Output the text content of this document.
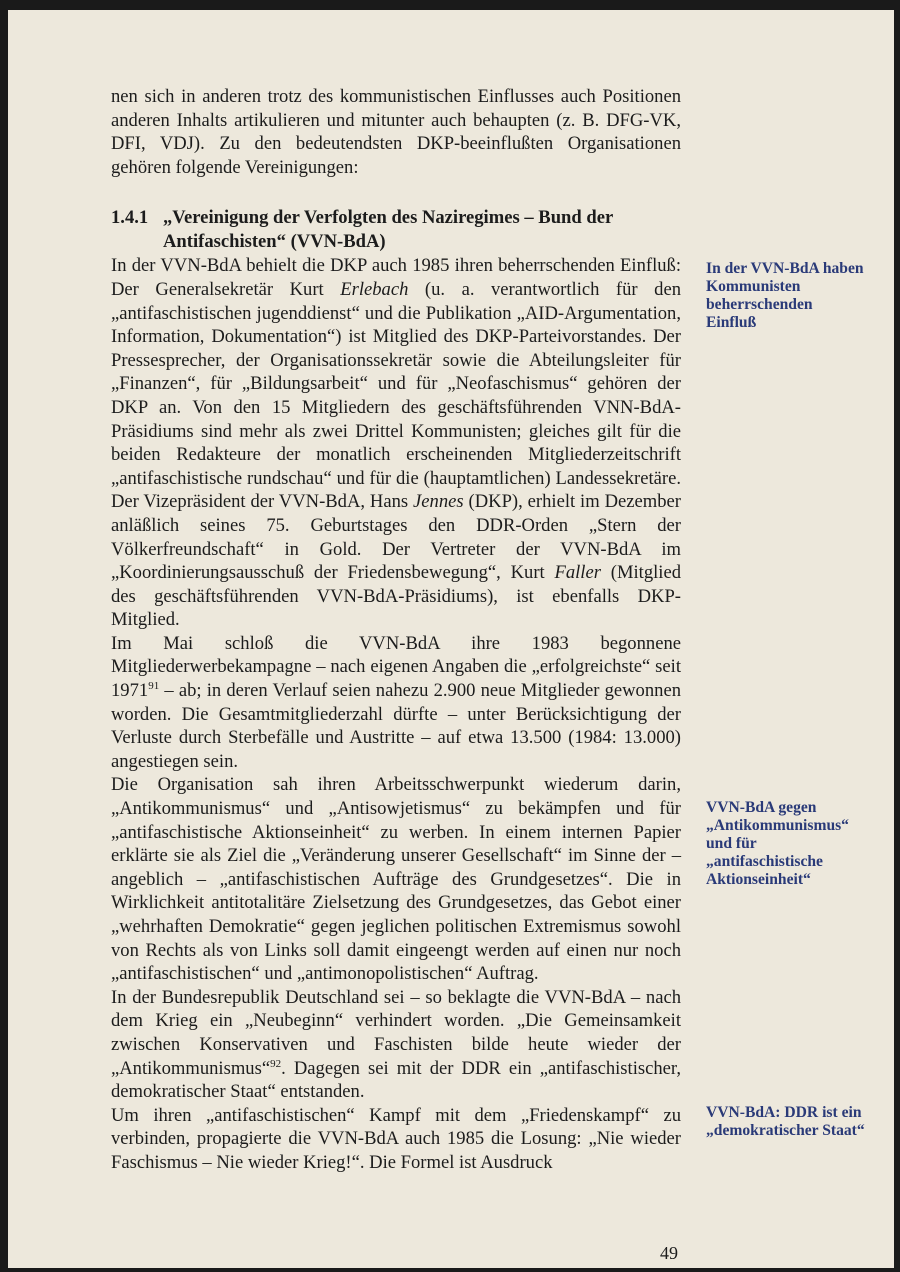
nen sich in anderen trotz des kommunistischen Einflusses auch Positionen anderen Inhalts artikulieren und mitunter auch behaupten (z. B. DFG-VK, DFI, VDJ). Zu den bedeutendsten DKP-beeinflußten Organisationen gehören folgende Vereinigungen:

1.4.1 „Vereinigung der Verfolgten des Naziregimes – Bund der Antifaschisten“ (VVN-BdA)

In der VVN-BdA behielt die DKP auch 1985 ihren beherrschenden Einfluß: Der Generalsekretär Kurt Erlebach (u. a. verantwortlich für den „antifaschistischen jugenddienst“ und die Publikation „AID-Argumentation, Information, Dokumentation“) ist Mitglied des DKP-Parteivorstandes. Der Pressesprecher, der Organisationssekretär sowie die Abteilungsleiter für „Finanzen“, für „Bildungsarbeit“ und für „Neofaschismus“ gehören der DKP an. Von den 15 Mitgliedern des geschäftsführenden VNN-BdA-Präsidiums sind mehr als zwei Drittel Kommunisten; gleiches gilt für die beiden Redakteure der monatlich erscheinenden Mitgliederzeitschrift „antifaschistische rundschau“ und für die (hauptamtlichen) Landessekretäre. Der Vizepräsident der VVN-BdA, Hans Jennes (DKP), erhielt im Dezember anläßlich seines 75. Geburtstages den DDR-Orden „Stern der Völkerfreundschaft“ in Gold. Der Vertreter der VVN-BdA im „Koordinierungsausschuß der Friedensbewegung“, Kurt Faller (Mitglied des geschäftsführenden VVN-BdA-Präsidiums), ist ebenfalls DKP-Mitglied.

Im Mai schloß die VVN-BdA ihre 1983 begonnene Mitgliederwerbekampagne – nach eigenen Angaben die „erfolgreichste“ seit 1971$^{91}$ – ab; in deren Verlauf seien nahezu 2.900 neue Mitglieder gewonnen worden. Die Gesamtmitgliederzahl dürfte – unter Berücksichtigung der Verluste durch Sterbefälle und Austritte – auf etwa 13.500 (1984: 13.000) angestiegen sein.

Die Organisation sah ihren Arbeitsschwerpunkt wiederum darin, „Antikommunismus“ und „Antisowjetismus“ zu bekämpfen und für „antifaschistische Aktionseinheit“ zu werben. In einem internen Papier erklärte sie als Ziel die „Veränderung unserer Gesellschaft“ im Sinne der – angeblich – „antifaschistischen Aufträge des Grundgesetzes“. Die in Wirklichkeit antitotalitäre Zielsetzung des Grundgesetzes, das Gebot einer „wehrhaften Demokratie“ gegen jeglichen politischen Extremismus sowohl von Rechts als von Links soll damit eingeengt werden auf einen nur noch „antifaschistischen“ und „antimonopolistischen“ Auftrag.

In der Bundesrepublik Deutschland sei – so beklagte die VVN-BdA – nach dem Krieg ein „Neubeginn“ verhindert worden. „Die Gemeinsamkeit zwischen Konservativen und Faschisten bilde heute wieder der „Antikommunismus“$^{92}$. Dagegen sei mit der DDR ein „antifaschistischer, demokratischer Staat“ entstanden.

Um ihren „antifaschistischen“ Kampf mit dem „Friedenskampf“ zu verbinden, propagierte die VVN-BdA auch 1985 die Losung: „Nie wieder Faschismus – Nie wieder Krieg!“. Die Formel ist Ausdruck

In der VVN-BdA haben Kommunisten beherrschenden Einfluß
VVN-BdA gegen „Antikommunismus“ und für „antifaschistische Aktionseinheit“
VVN-BdA: DDR ist ein „demokratischer Staat“
49
